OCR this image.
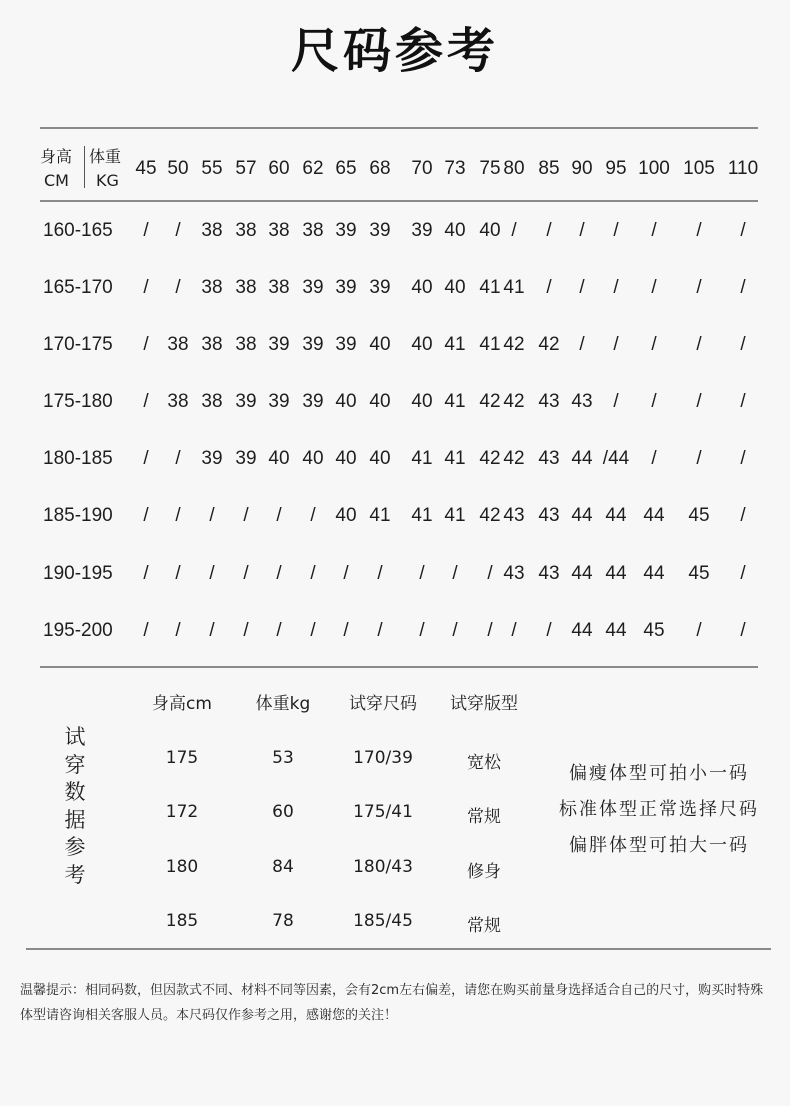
尺码参考
身高
CM
体重
KG
45 50 55 57 60 62 65 68 70 73 75 80 85 90 95 100 105 110
160-165 / / 38 38 38 38 39 39 39 40 40 / / / / / / /
165-170 / / 38 38 38 39 39 39 40 40 41 41 / / / / / /
170-175 / 38 38 38 39 39 39 40 40 41 41 42 42 / / / / /
175-180 / 38 38 39 39 39 40 40 40 41 42 42 43 43 / / / /
180-185 / / 39 39 40 40 40 40 41 41 42 42 43 44 /44 / / /
185-190 / / / / / / 40 41 41 41 42 43 43 44 44 44 45 /
190-195 / / / / / / / / / / / 43 43 44 44 44 45 /
195-200 / / / / / / / / / / / / / 44 44 45 / /
身高cm	体重kg 试穿尺码 试穿版型
试
穿
数
据
参
考
175	53	170/39	宽松
172	60	175/41	常规
180	84	180/43	修身
185	78	185/45	常规
偏瘦体型可拍小一码
标准体型正常选择尺码
偏胖体型可拍大一码
温馨提示：相同码数，但因款式不同、材料不同等因素，会有2cm左右偏差，请您在购买前量身选择适合自己的尺寸，购买时特殊体型请咨询相关客服人员。本尺码仅作参考之用，感谢您的关注！
